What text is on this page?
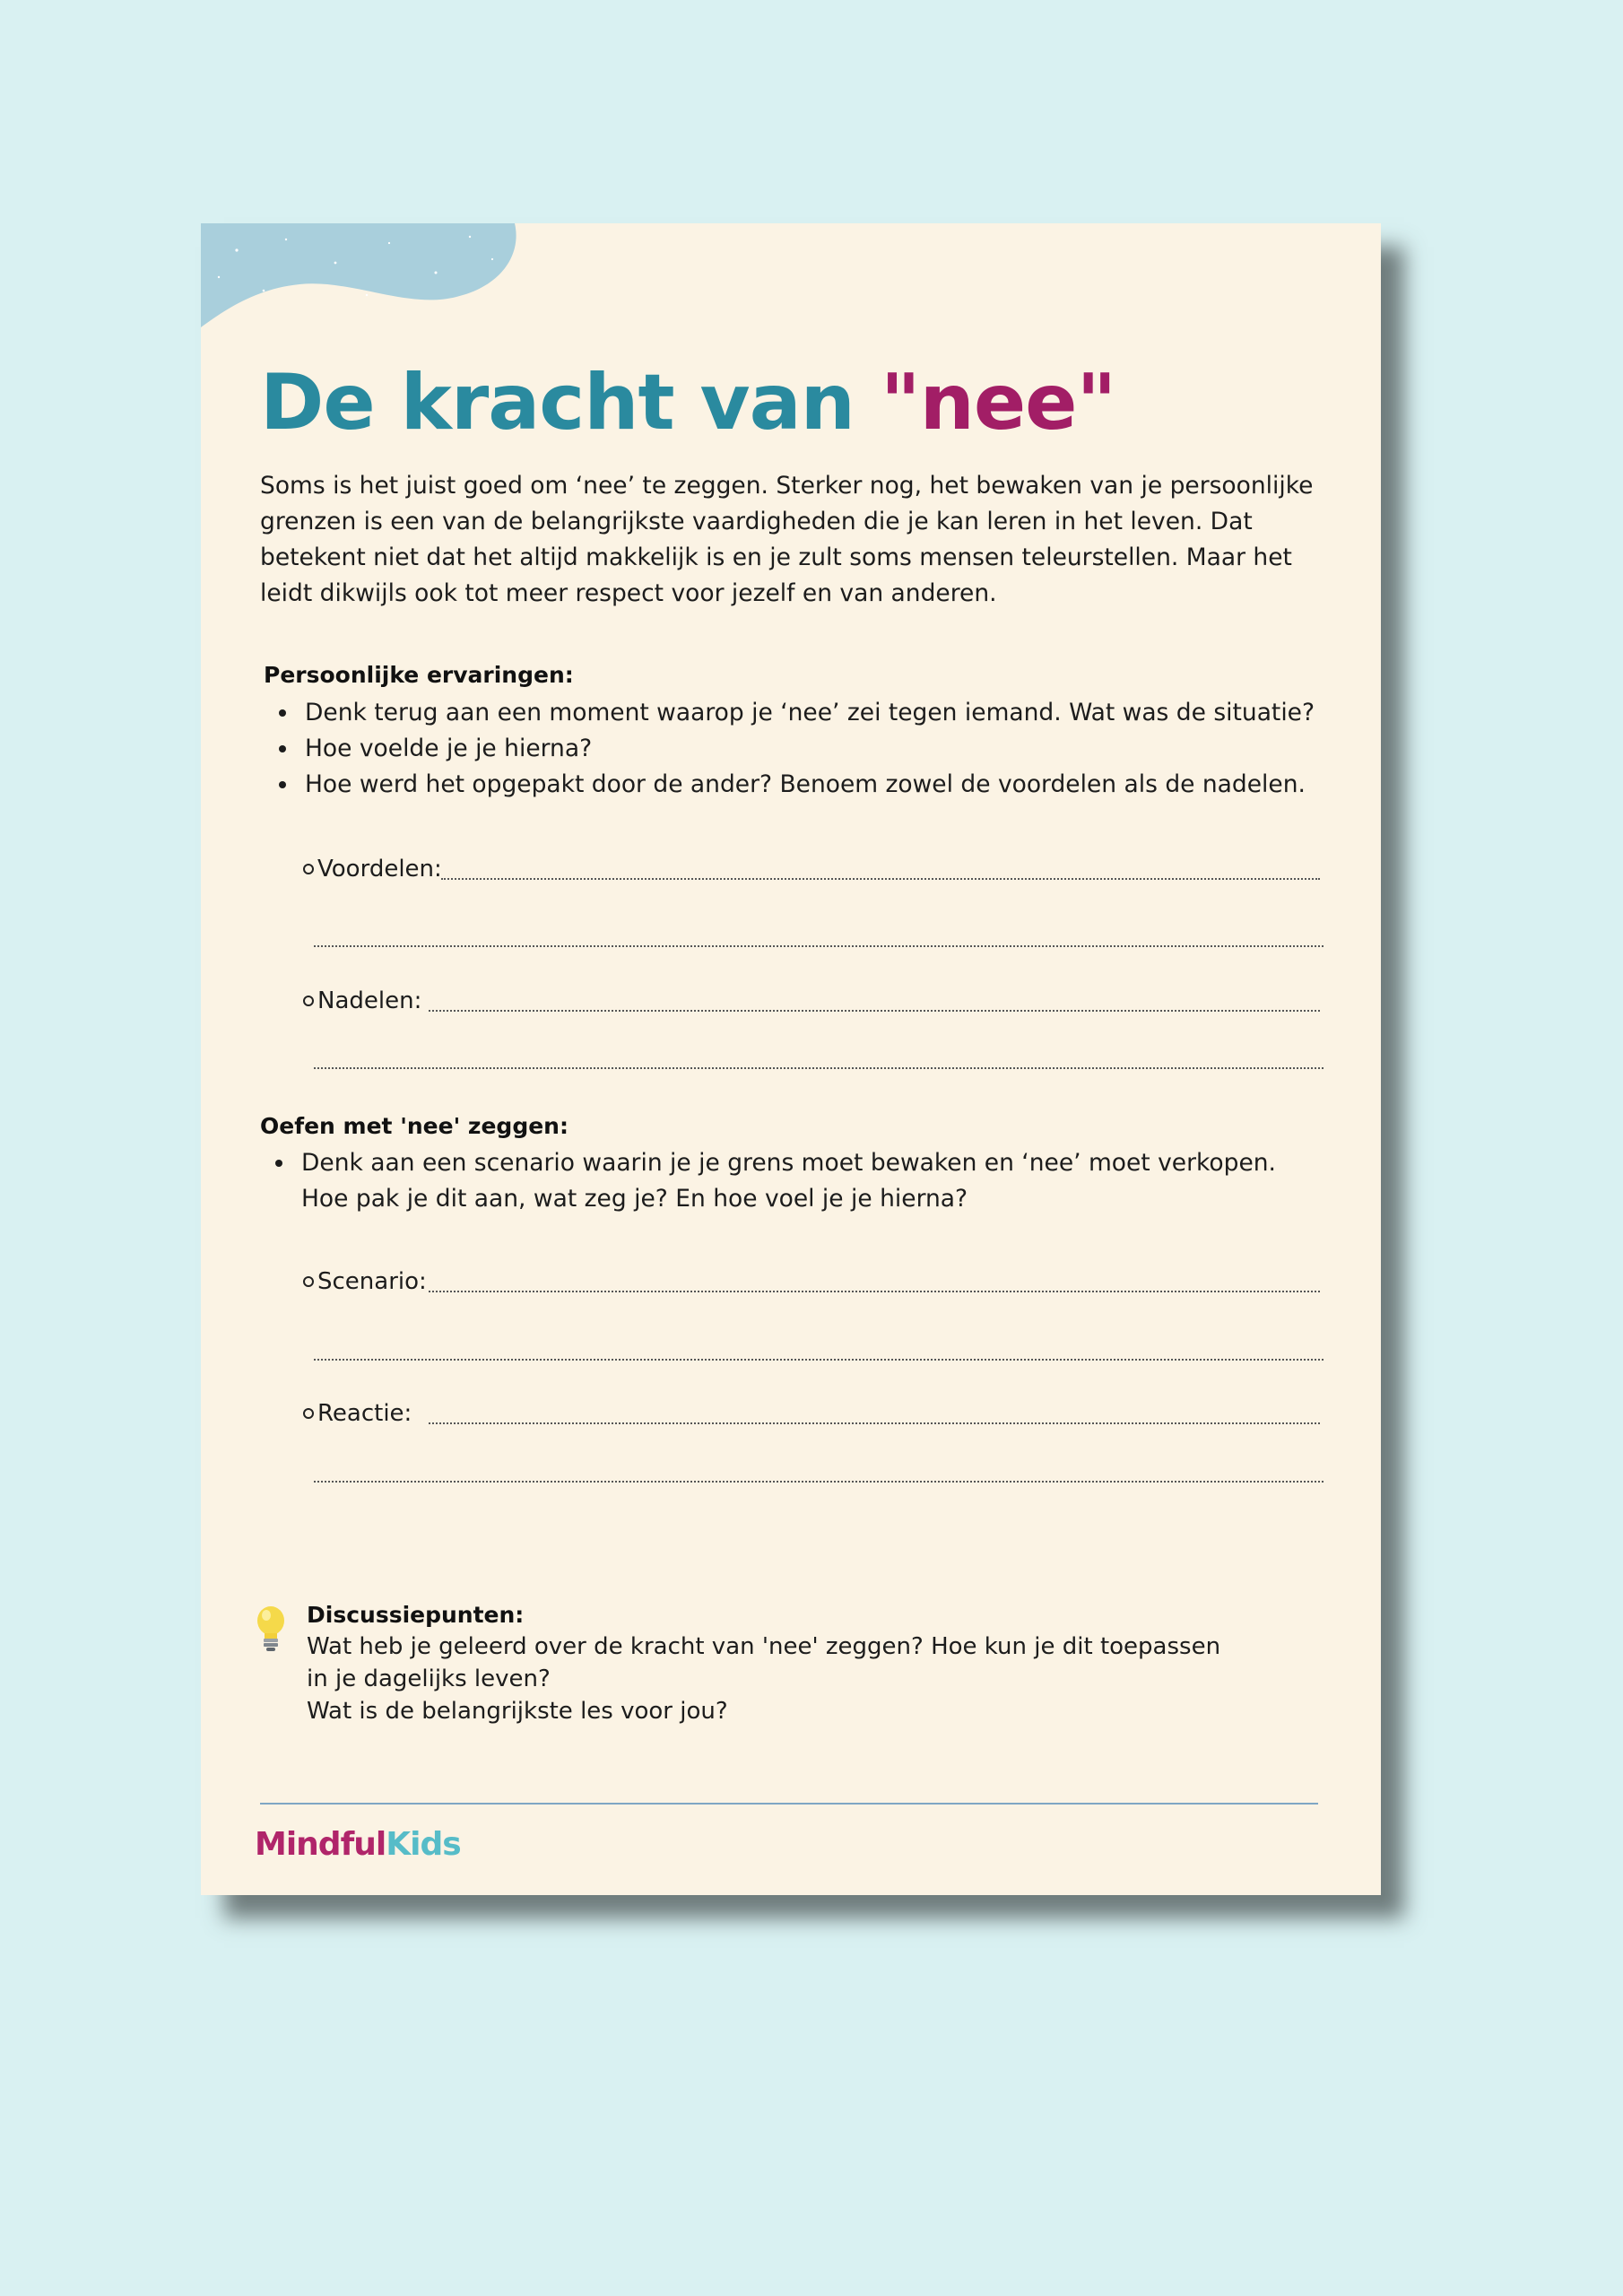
De kracht van "nee"

Soms is het juist goed om ‘nee’ te zeggen. Sterker nog, het bewaken van je persoonlijke grenzen is een van de belangrijkste vaardigheden die je kan leren in het leven. Dat betekent niet dat het altijd makkelijk is en je zult soms mensen teleurstellen. Maar het leidt dikwijls ook tot meer respect voor jezelf en van anderen.

Persoonlijke ervaringen:
Denk terug aan een moment waarop je ‘nee’ zei tegen iemand. Wat was de situatie?
Hoe voelde je je hierna?
Hoe werd het opgepakt door de ander? Benoem zowel de voordelen als de nadelen.
Voordelen:
Nadelen:
Oefen met 'nee' zeggen:
Denk aan een scenario waarin je je grens moet bewaken en ‘nee’ moet verkopen. Hoe pak je dit aan, wat zeg je? En hoe voel je je hierna?
Scenario:
Reactie:
Discussiepunten:

Wat heb je geleerd over de kracht van 'nee' zeggen? Hoe kun je dit toepassen
in je dagelijks leven?
Wat is de belangrijkste les voor jou?

MindfulKids
